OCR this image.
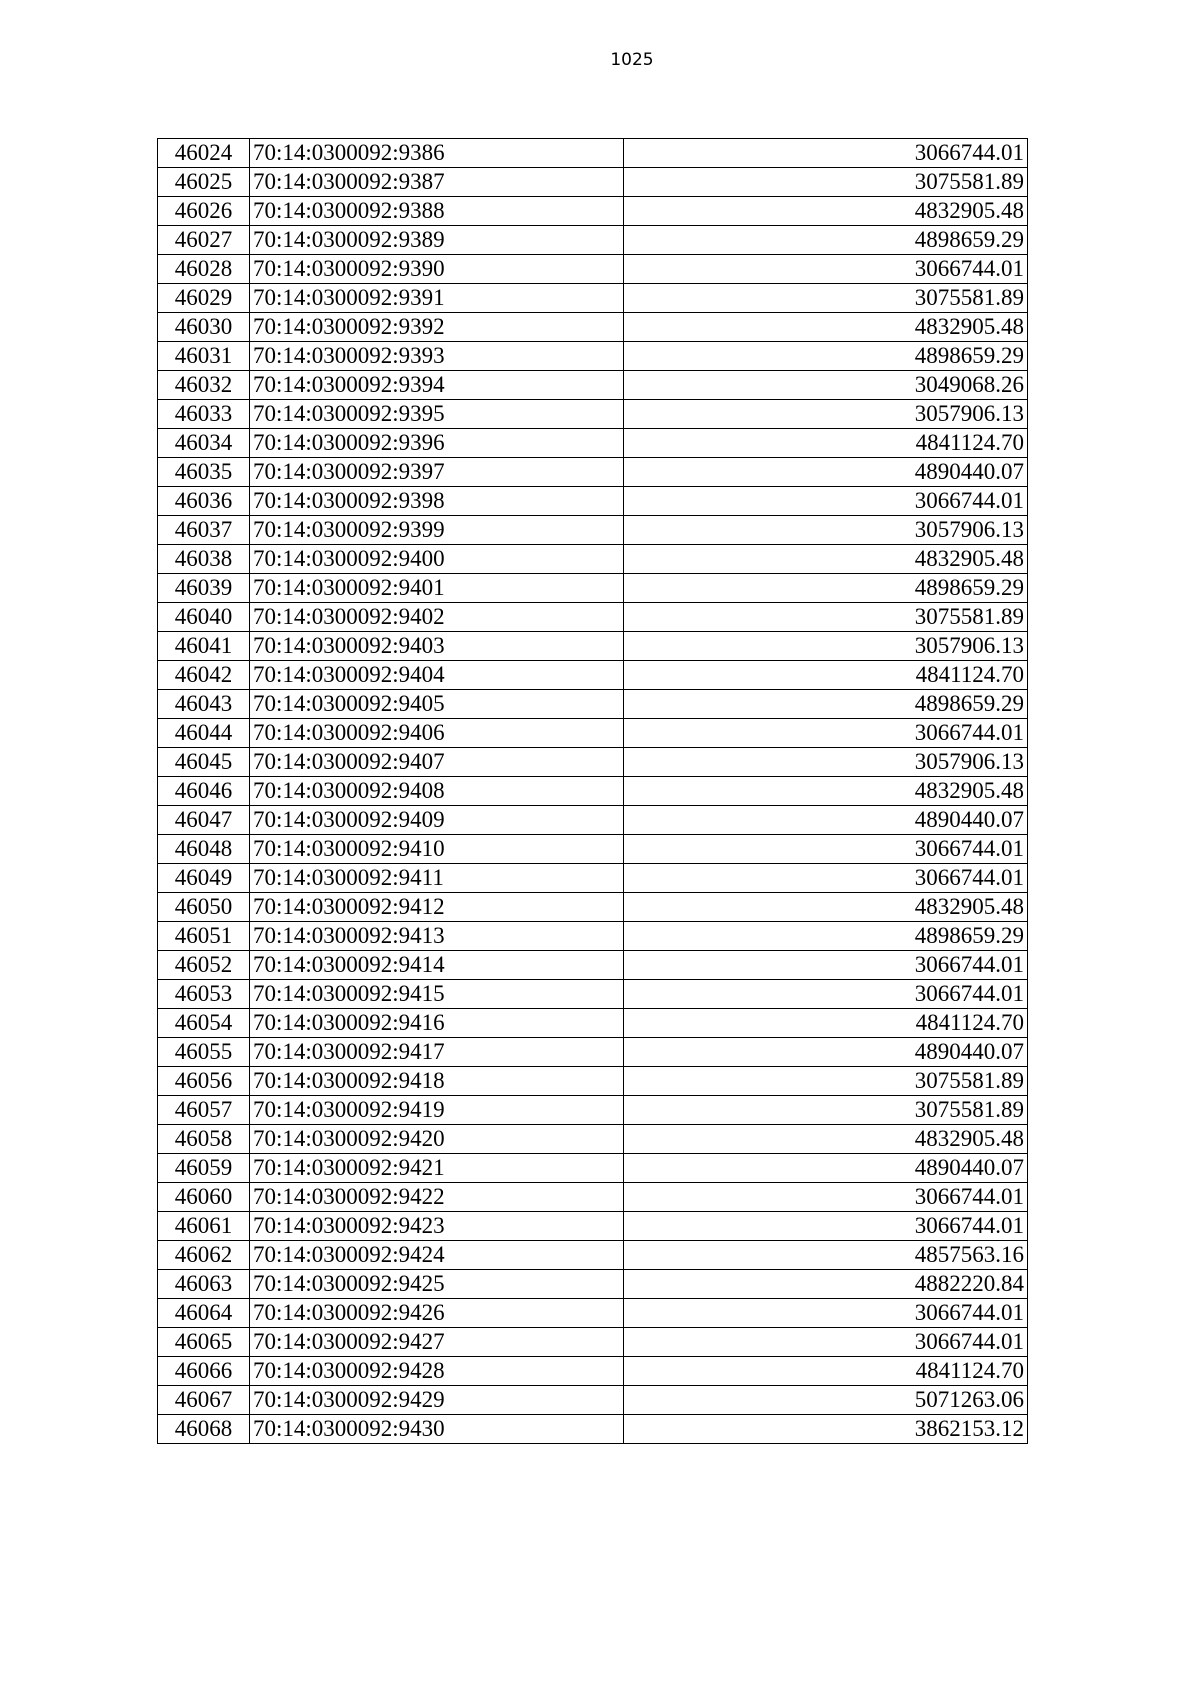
1025
46024	70:14:0300092:9386	3066744.01
46025	70:14:0300092:9387	3075581.89
46026	70:14:0300092:9388	4832905.48
46027	70:14:0300092:9389	4898659.29
46028	70:14:0300092:9390	3066744.01
46029	70:14:0300092:9391	3075581.89
46030	70:14:0300092:9392	4832905.48
46031	70:14:0300092:9393	4898659.29
46032	70:14:0300092:9394	3049068.26
46033	70:14:0300092:9395	3057906.13
46034	70:14:0300092:9396	4841124.70
46035	70:14:0300092:9397	4890440.07
46036	70:14:0300092:9398	3066744.01
46037	70:14:0300092:9399	3057906.13
46038	70:14:0300092:9400	4832905.48
46039	70:14:0300092:9401	4898659.29
46040	70:14:0300092:9402	3075581.89
46041	70:14:0300092:9403	3057906.13
46042	70:14:0300092:9404	4841124.70
46043	70:14:0300092:9405	4898659.29
46044	70:14:0300092:9406	3066744.01
46045	70:14:0300092:9407	3057906.13
46046	70:14:0300092:9408	4832905.48
46047	70:14:0300092:9409	4890440.07
46048	70:14:0300092:9410	3066744.01
46049	70:14:0300092:9411	3066744.01
46050	70:14:0300092:9412	4832905.48
46051	70:14:0300092:9413	4898659.29
46052	70:14:0300092:9414	3066744.01
46053	70:14:0300092:9415	3066744.01
46054	70:14:0300092:9416	4841124.70
46055	70:14:0300092:9417	4890440.07
46056	70:14:0300092:9418	3075581.89
46057	70:14:0300092:9419	3075581.89
46058	70:14:0300092:9420	4832905.48
46059	70:14:0300092:9421	4890440.07
46060	70:14:0300092:9422	3066744.01
46061	70:14:0300092:9423	3066744.01
46062	70:14:0300092:9424	4857563.16
46063	70:14:0300092:9425	4882220.84
46064	70:14:0300092:9426	3066744.01
46065	70:14:0300092:9427	3066744.01
46066	70:14:0300092:9428	4841124.70
46067	70:14:0300092:9429	5071263.06
46068	70:14:0300092:9430	3862153.12
